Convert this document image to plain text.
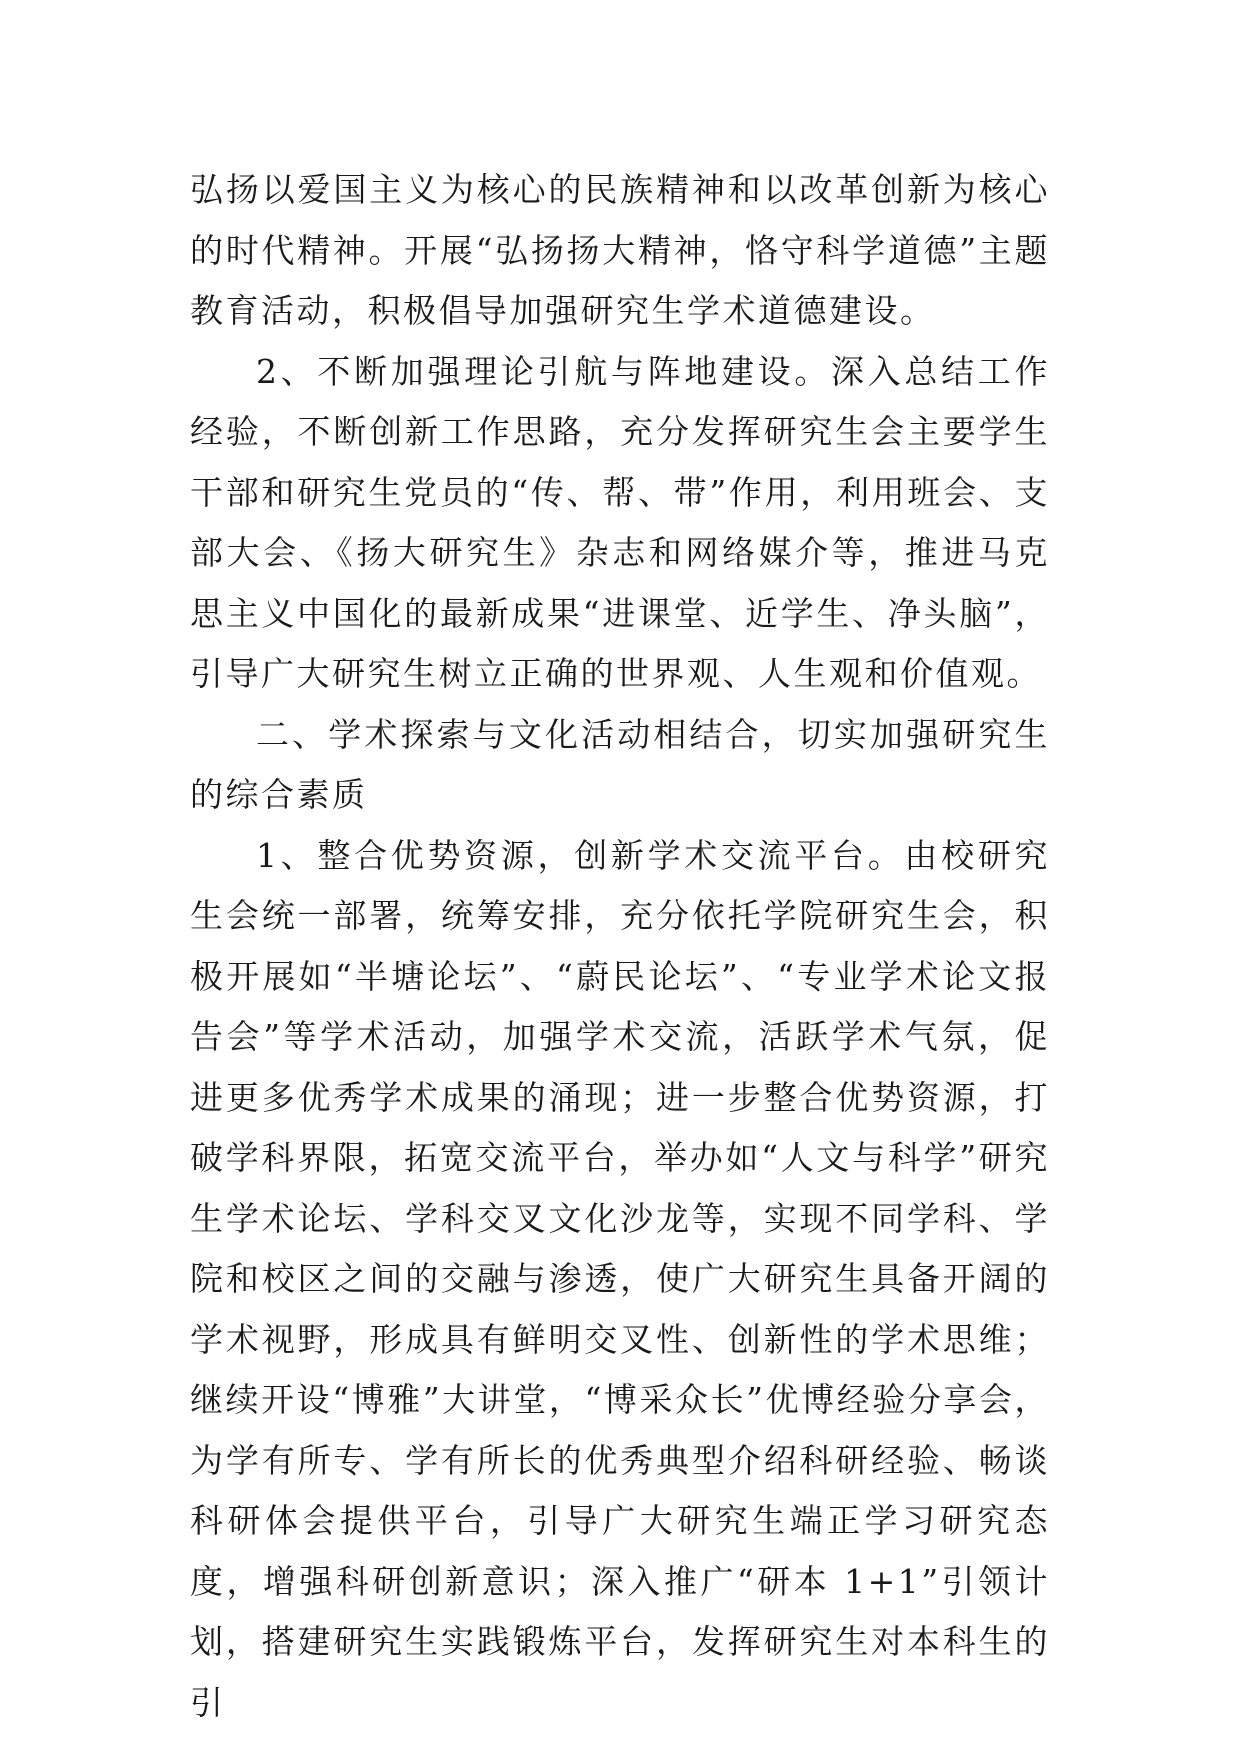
弘扬以爱国主义为核心的民族精神和以改革创新为核心的时代精神。开展“弘扬扬大精神，恪守科学道德”主题教育活动，积极倡导加强研究生学术道德建设。

2、不断加强理论引航与阵地建设。深入总结工作经验，不断创新工作思路，充分发挥研究生会主要学生干部和研究生党员的“传、帮、带”作用，利用班会、支部大会、《扬大研究生》杂志和网络媒介等，推进马克思主义中国化的最新成果“进课堂、近学生、净头脑”，引导广大研究生树立正确的世界观、人生观和价值观。

二、学术探索与文化活动相结合，切实加强研究生的综合素质

1、整合优势资源，创新学术交流平台。由校研究生会统一部署，统筹安排，充分依托学院研究生会，积极开展如“半塘论坛”、“蔚民论坛”、“专业学术论文报告会”等学术活动，加强学术交流，活跃学术气氛，促进更多优秀学术成果的涌现；进一步整合优势资源，打破学科界限，拓宽交流平台，举办如“人文与科学”研究生学术论坛、学科交叉文化沙龙等，实现不同学科、学院和校区之间的交融与渗透，使广大研究生具备开阔的学术视野，形成具有鲜明交叉性、创新性的学术思维；继续开设“博雅”大讲堂，“博采众长”优博经验分享会，为学有所专、学有所长的优秀典型介绍科研经验、畅谈科研体会提供平台，引导广大研究生端正学习研究态度，增强科研创新意识；深入推广“研本 1+1”引领计划，搭建研究生实践锻炼平台，发挥研究生对本科生的引
